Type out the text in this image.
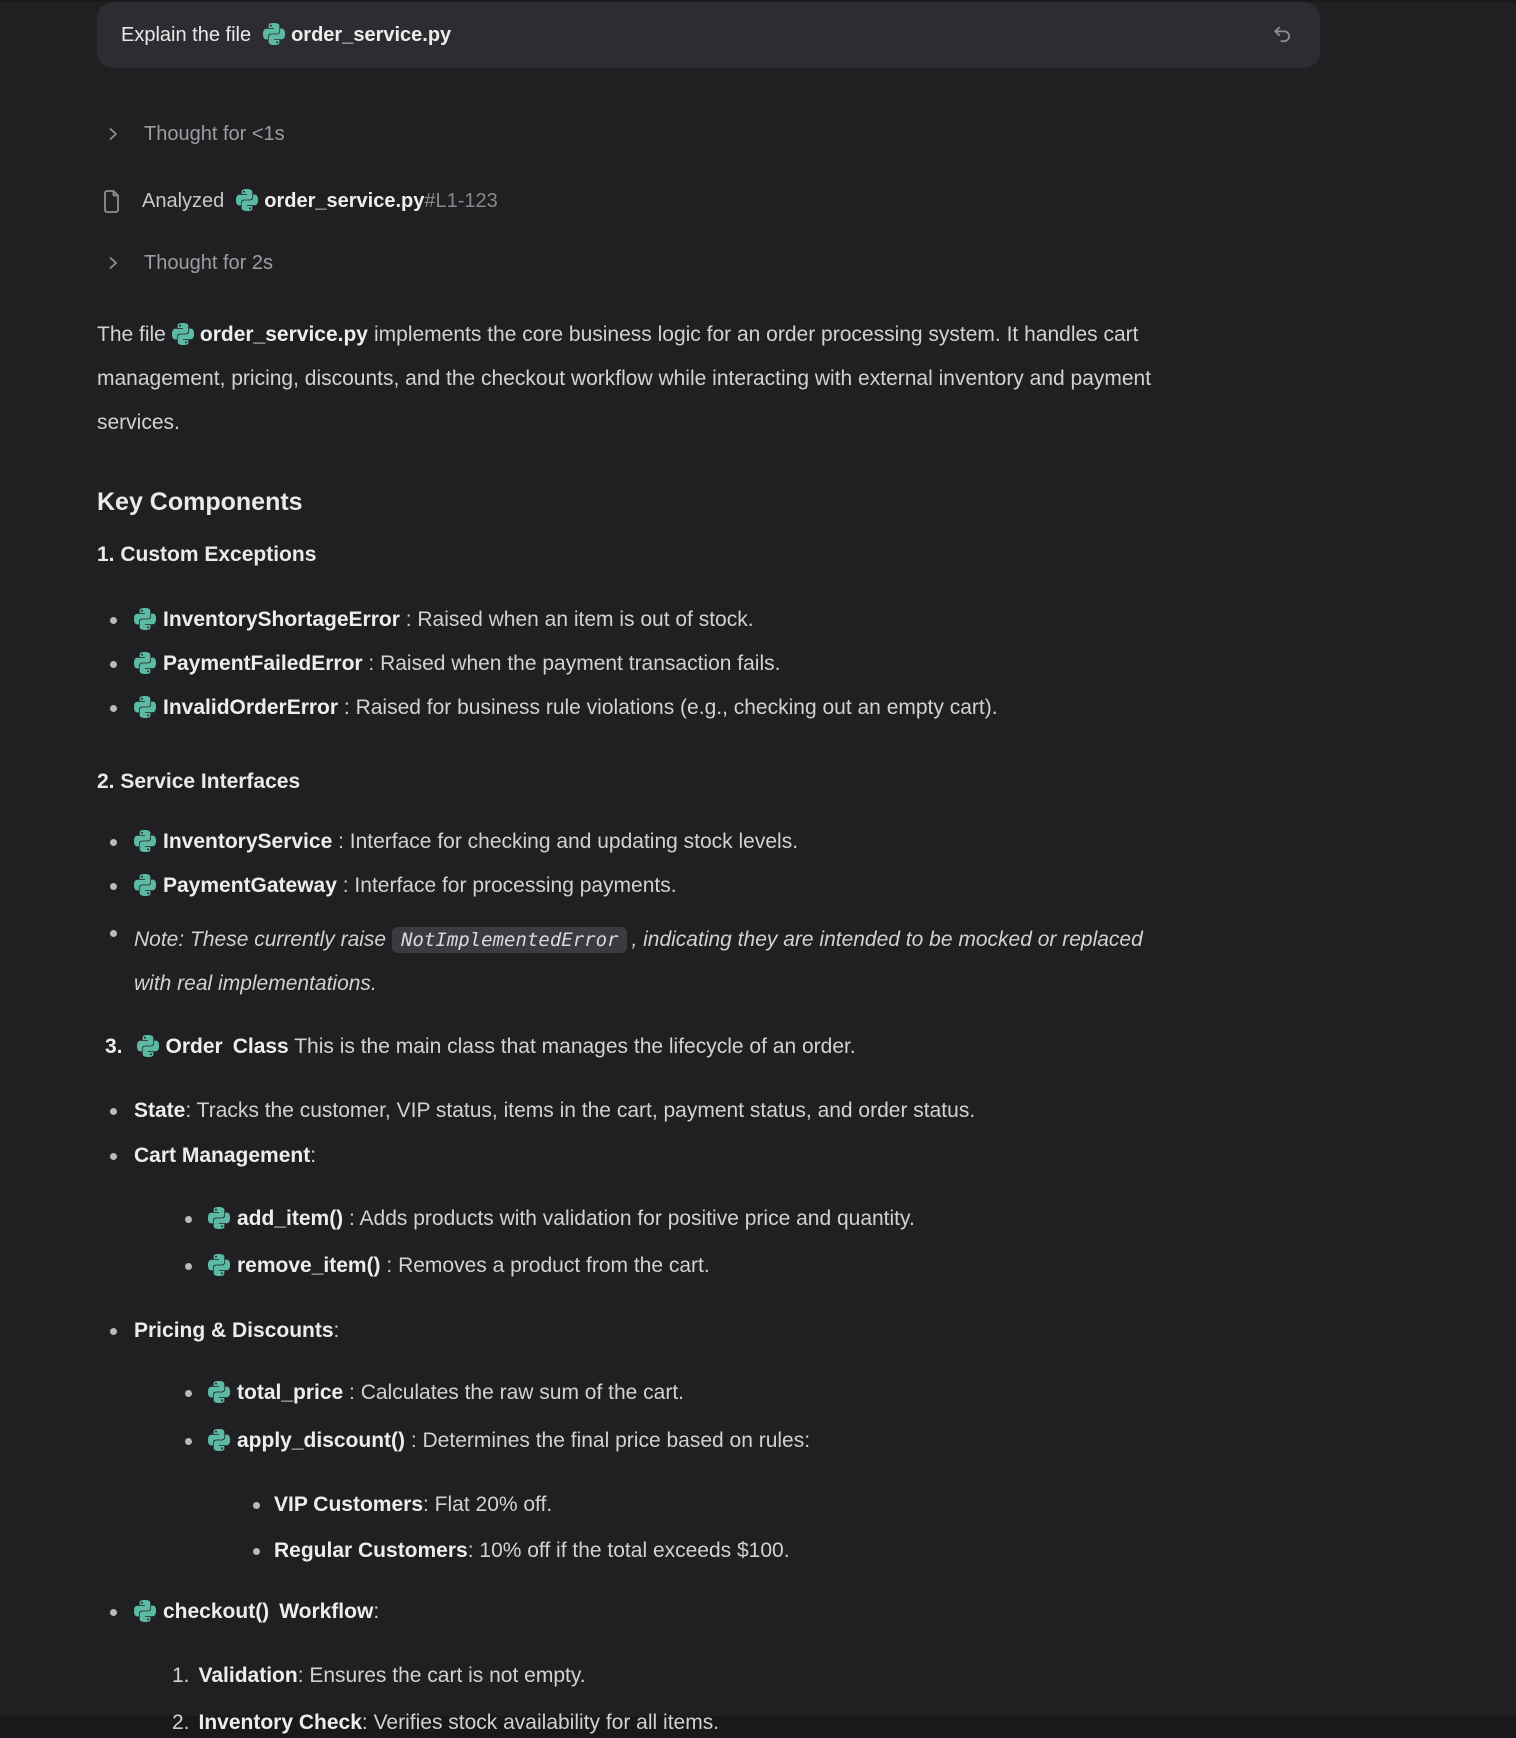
Explain the file	order_service.py
Thought for <1s
Analyzed	order_service.py #L1-123
Thought for 2s

The file order_service.py implements the core business logic for an order processing system. It handles cart management, pricing, discounts, and the checkout workflow while interacting with external inventory and payment services.

Key Components
1. Custom Exceptions
InventoryShortageError : Raised when an item is out of stock.
PaymentFailedError : Raised when the payment transaction fails.
InvalidOrderError : Raised for business rule violations (e.g., checking out an empty cart).
2. Service Interfaces
InventoryService : Interface for checking and updating stock levels.
PaymentGateway : Interface for processing payments.
Note: These currently raise NotImplementedError , indicating they are intended to be mocked or replaced with real implementations.
3.	Order Class This is the main class that manages the lifecycle of an order.
State: Tracks the customer, VIP status, items in the cart, payment status, and order status.
Cart Management:
add_item() : Adds products with validation for positive price and quantity.
remove_item() : Removes a product from the cart.
Pricing & Discounts:
total_price : Calculates the raw sum of the cart.
apply_discount() : Determines the final price based on rules:
VIP Customers: Flat 20% off.
Regular Customers: 10% off if the total exceeds $100.
checkout() Workflow:
1. Validation: Ensures the cart is not empty.
2. Inventory Check: Verifies stock availability for all items.
